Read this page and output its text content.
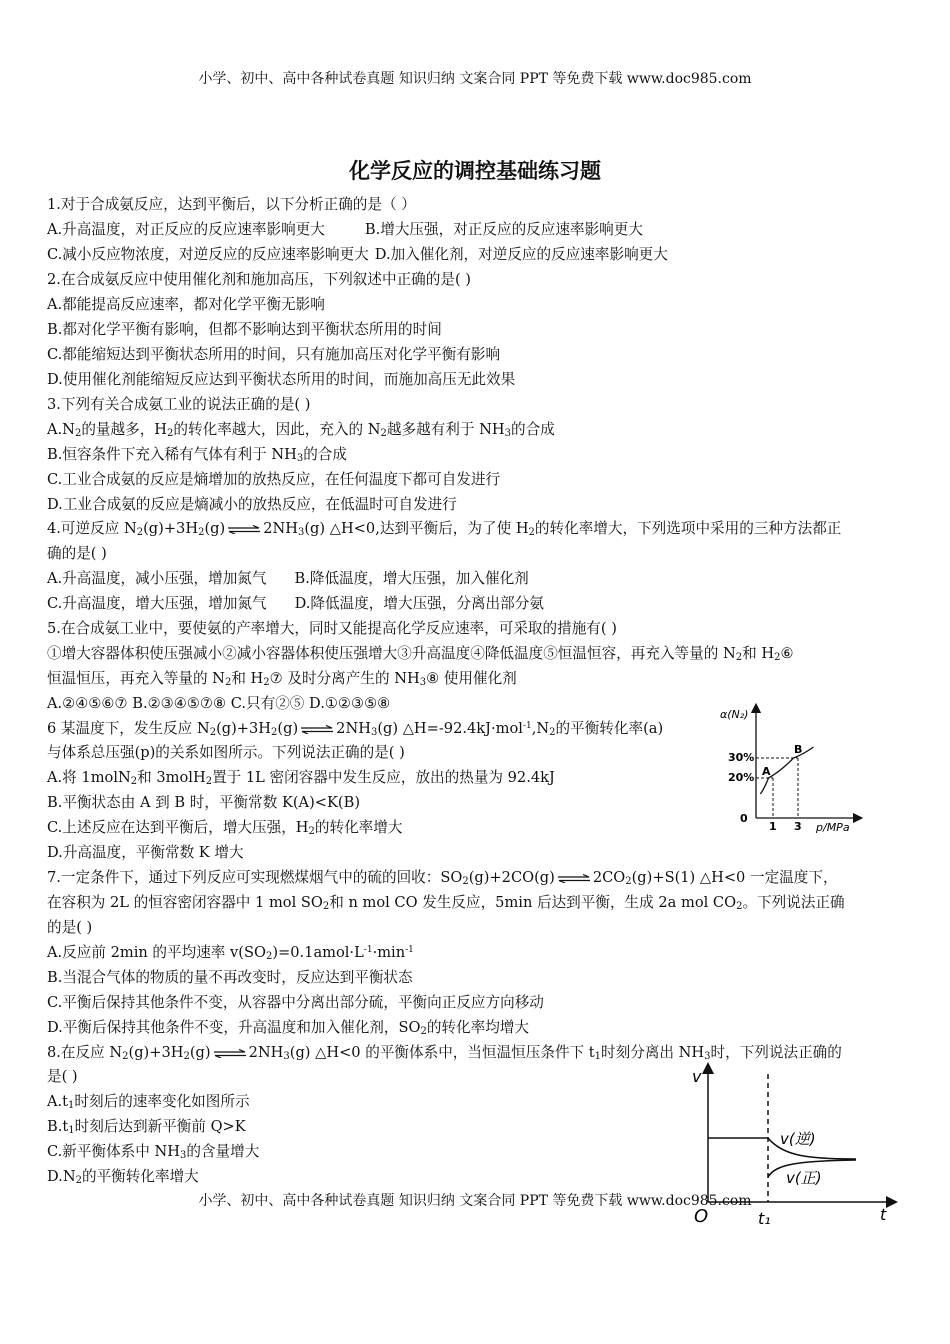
小学、初中、高中各种试卷真题 知识归纳 文案合同 PPT 等免费下载 www.doc985.com
小学、初中、高中各种试卷真题 知识归纳 文案合同 PPT 等免费下载 www.doc985.com
化学反应的调控基础练习题
1.对于合成氨反应，达到平衡后，以下分析正确的是（ ）
A.升高温度，对正反应的反应速率影响更大	B.增大压强，对正反应的反应速率影响更大
C.减小反应物浓度，对逆反应的反应速率影响更大 D.加入催化剂，对逆反应的反应速率影响更大
2.在合成氨反应中使用催化剂和施加高压，下列叙述中正确的是( )
A.都能提高反应速率，都对化学平衡无影响
B.都对化学平衡有影响，但都不影响达到平衡状态所用的时间
C.都能缩短达到平衡状态所用的时间，只有施加高压对化学平衡有影响
D.使用催化剂能缩短反应达到平衡状态所用的时间，而施加高压无此效果
3.下列有关合成氨工业的说法正确的是( )
$A.N_2$的量越多，$H_2$的转化率越大，因此，充入的 $N_2$越多越有利于 $NH_3$的合成
B.恒容条件下充入稀有气体有利于 $NH_3$的合成
C.工业合成氨的反应是熵增加的放热反应，在任何温度下都可自发进行
D.工业合成氨的反应是熵减小的放热反应，在低温时可自发进行
4.可逆反应 $N_2(g)+3H_2(g)$ ⇌ $2NH_3(g)$ △H<0,达到平衡后，为了使 $H_2$的转化率增大，下列选项中采用的三种方法都正
确的是( )
A.升高温度，减小压强，增加氮气 B.降低温度，增大压强，加入催化剂
C.升高温度，增大压强，增加氮气 D.降低温度，增大压强，分离出部分氨
5.在合成氨工业中，要使氨的产率增大，同时又能提高化学反应速率，可采取的措施有( )
①增大容器体积使压强减小②减小容器体积使压强增大③升高温度④降低温度⑤恒温恒容，再充入等量的 $N_2$和 $H_2⑥$
恒温恒压，再充入等量的 $N_2$和 $H_2⑦$ 及时分离产生的 $NH_3⑧$ 使用催化剂
A.②④⑤⑥⑦ B.②③④⑤⑦⑧ C.只有②⑤ D.①②③⑤⑧
6 某温度下，发生反应 $N_2(g)+3H_2(g)$ ⇌ $2NH_3(g)$ $\triangle H=-92.4kJ\cdot mol^{-1},N_2$的平衡转化率(a)
与体系总压强(p)的关系如图所示。下列说法正确的是( )
A.将 1molN$_2$和 3molH$_2$置于 1L 密闭容器中发生反应，放出的热量为 92.4kJ
B.平衡状态由 A 到 B 时，平衡常数 K(A)<K(B)
C.上述反应在达到平衡后，增大压强，$H_2$的转化率增大
D.升高温度，平衡常数 K 增大
α(N₂)
30%
20%
0
1 3 p/MPa
A
B
7.一定条件下，通过下列反应可实现燃煤烟气中的硫的回收：$SO_2(g)+2CO(g)$ ⇌ $2CO_2(g)+S(1)$ △H<0 一定温度下，
在容积为 2L 的恒容密闭容器中 1 mol $SO_2$和 n mol CO 发生反应，5min 后达到平衡，生成 2a mol $CO_2$。下列说法正确
的是( )
A.反应前 2min 的平均速率 $v(SO_2)=0.1amol\cdot L^{-1}\cdot\min^{-1}$
B.当混合气体的物质的量不再改变时，反应达到平衡状态
C.平衡后保持其他条件不变，从容器中分离出部分硫，平衡向正反应方向移动
D.平衡后保持其他条件不变，升高温度和加入催化剂，$SO_2$的转化率均增大
8.在反应 $N_2(g)+3H_2(g)$ ⇌ $2NH_3(g)$ △H<0 的平衡体系中，当恒温恒压条件下 $t_1$时刻分离出 $NH_3$时，下列说法正确的
是( )
$A.t_1$时刻后的速率变化如图所示
$B.t_1$时刻后达到新平衡前 Q>K
C.新平衡体系中 $NH_3$的含量增大
$D.N_2$的平衡转化率增大
v
t
O	t₁
v(逆)
v(正)
